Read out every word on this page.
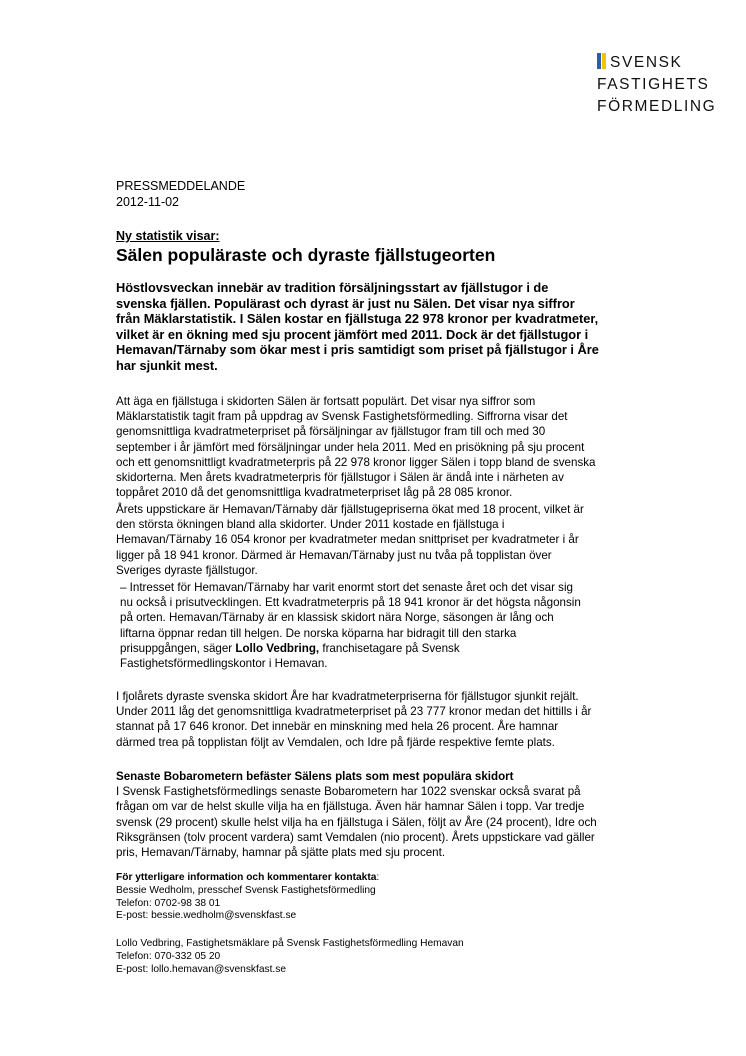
SVENSK
FASTIGHETS
FÖRMEDLING
PRESSMEDDELANDE
2012-11-02
Ny statistik visar:
Sälen populäraste och dyraste fjällstugeorten
Höstlovsveckan innebär av tradition försäljningsstart av fjällstugor i de
svenska fjällen. Populärast och dyrast är just nu Sälen. Det visar nya siffror
från Mäklarstatistik. I Sälen kostar en fjällstuga 22 978 kronor per kvadratmeter,
vilket är en ökning med sju procent jämfört med 2011. Dock är det fjällstugor i
Hemavan/Tärnaby som ökar mest i pris samtidigt som priset på fjällstugor i Åre
har sjunkit mest.
Att äga en fjällstuga i skidorten Sälen är fortsatt populärt. Det visar nya siffror som
Mäklarstatistik tagit fram på uppdrag av Svensk Fastighetsförmedling. Siffrorna visar det
genomsnittliga kvadratmeterpriset på försäljningar av fjällstugor fram till och med 30
september i år jämfört med försäljningar under hela 2011. Med en prisökning på sju procent
och ett genomsnittligt kvadratmeterpris på 22 978 kronor ligger Sälen i topp bland de svenska
skidorterna. Men årets kvadratmeterpris för fjällstugor i Sälen är ändå inte i närheten av
toppåret 2010 då det genomsnittliga kvadratmeterpriset låg på 28 085 kronor.
Årets uppstickare är Hemavan/Tärnaby där fjällstugepriserna ökat med 18 procent, vilket är
den största ökningen bland alla skidorter. Under 2011 kostade en fjällstuga i
Hemavan/Tärnaby 16 054 kronor per kvadratmeter medan snittpriset per kvadratmeter i år
ligger på 18 941 kronor. Därmed är Hemavan/Tärnaby just nu tvåa på topplistan över
Sveriges dyraste fjällstugor.
– Intresset för Hemavan/Tärnaby har varit enormt stort det senaste året och det visar sig
nu också i prisutvecklingen. Ett kvadratmeterpris på 18 941 kronor är det högsta någonsin
på orten. Hemavan/Tärnaby är en klassisk skidort nära Norge, säsongen är lång och
liftarna öppnar redan till helgen. De norska köparna har bidragit till den starka
prisuppgången, säger Lollo Vedbring, franchisetagare på Svensk
Fastighetsförmedlingskontor i Hemavan.
I fjolårets dyraste svenska skidort Åre har kvadratmeterpriserna för fjällstugor sjunkit rejält.
Under 2011 låg det genomsnittliga kvadratmeterpriset på 23 777 kronor medan det hittills i år
stannat på 17 646 kronor. Det innebär en minskning med hela 26 procent. Åre hamnar
därmed trea på topplistan följt av Vemdalen, och Idre på fjärde respektive femte plats.
Senaste Bobarometern befäster Sälens plats som mest populära skidort
I Svensk Fastighetsförmedlings senaste Bobarometern har 1022 svenskar också svarat på
frågan om var de helst skulle vilja ha en fjällstuga. Även här hamnar Sälen i topp. Var tredje
svensk (29 procent) skulle helst vilja ha en fjällstuga i Sälen, följt av Åre (24 procent), Idre och
Riksgränsen (tolv procent vardera) samt Vemdalen (nio procent). Årets uppstickare vad gäller
pris, Hemavan/Tärnaby, hamnar på sjätte plats med sju procent.
För ytterligare information och kommentarer kontakta:
Bessie Wedholm, presschef Svensk Fastighetsförmedling
Telefon: 0702-98 38 01
E-post: bessie.wedholm@svenskfast.se
Lollo Vedbring, Fastighetsmäklare på Svensk Fastighetsförmedling Hemavan
Telefon: 070-332 05 20
E-post: lollo.hemavan@svenskfast.se
